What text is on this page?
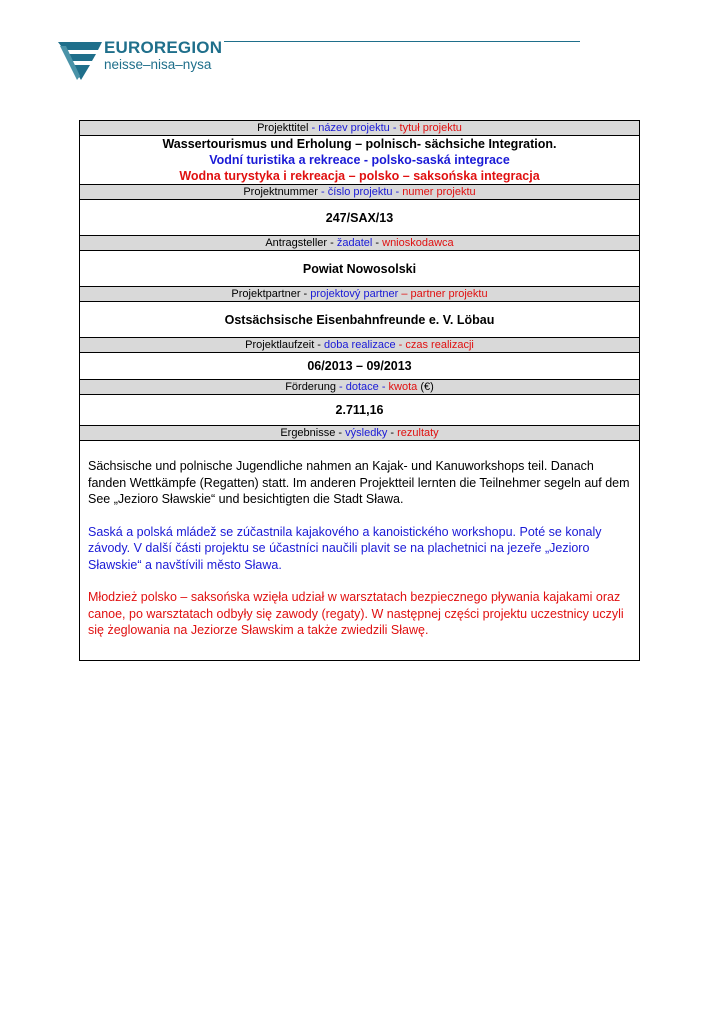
EUROREGION
neisse–nisa–nysa
Projekttitel - název projektu - tytuł projektu

Wassertourismus und Erholung – polnisch- sächsiche Integration.
Vodní turistika a rekreace - polsko-saská integrace
Wodna turystyka i rekreacja – polsko – saksońska integracja

Projektnummer - číslo projektu - numer projektu
247/SAX/13
Antragsteller - žadatel - wnioskodawca
Powiat Nowosolski
Projektpartner - projektový partner – partner projektu
Ostsächsische Eisenbahnfreunde e. V. Löbau
Projektlaufzeit - doba realizace - czas realizacji
06/2013 – 09/2013
Förderung - dotace - kwota (€)
2.711,16
Ergebnisse - výsledky - rezultaty

Sächsische und polnische Jugendliche nahmen an Kajak- und Kanuworkshops teil. Danach fanden Wettkämpfe (Regatten) statt. Im anderen Projektteil lernten die Teilnehmer segeln auf dem See „Jezioro Sławskie“ und besichtigten die Stadt Sława.

Saská a polská mládež se zúčastnila kajakového a kanoistického workshopu. Poté se konaly závody. V další části projektu se účastníci naučili plavit se na plachetnici na jezeře „Jezioro Sławskie“ a navštívili město Sława.

Młodzież polsko – saksońska wzięła udział w warsztatach bezpiecznego pływania kajakami oraz canoe, po warsztatach odbyły się zawody (regaty). W następnej części projektu uczestnicy uczyli się żeglowania na Jeziorze Sławskim a także zwiedzili Sławę.
